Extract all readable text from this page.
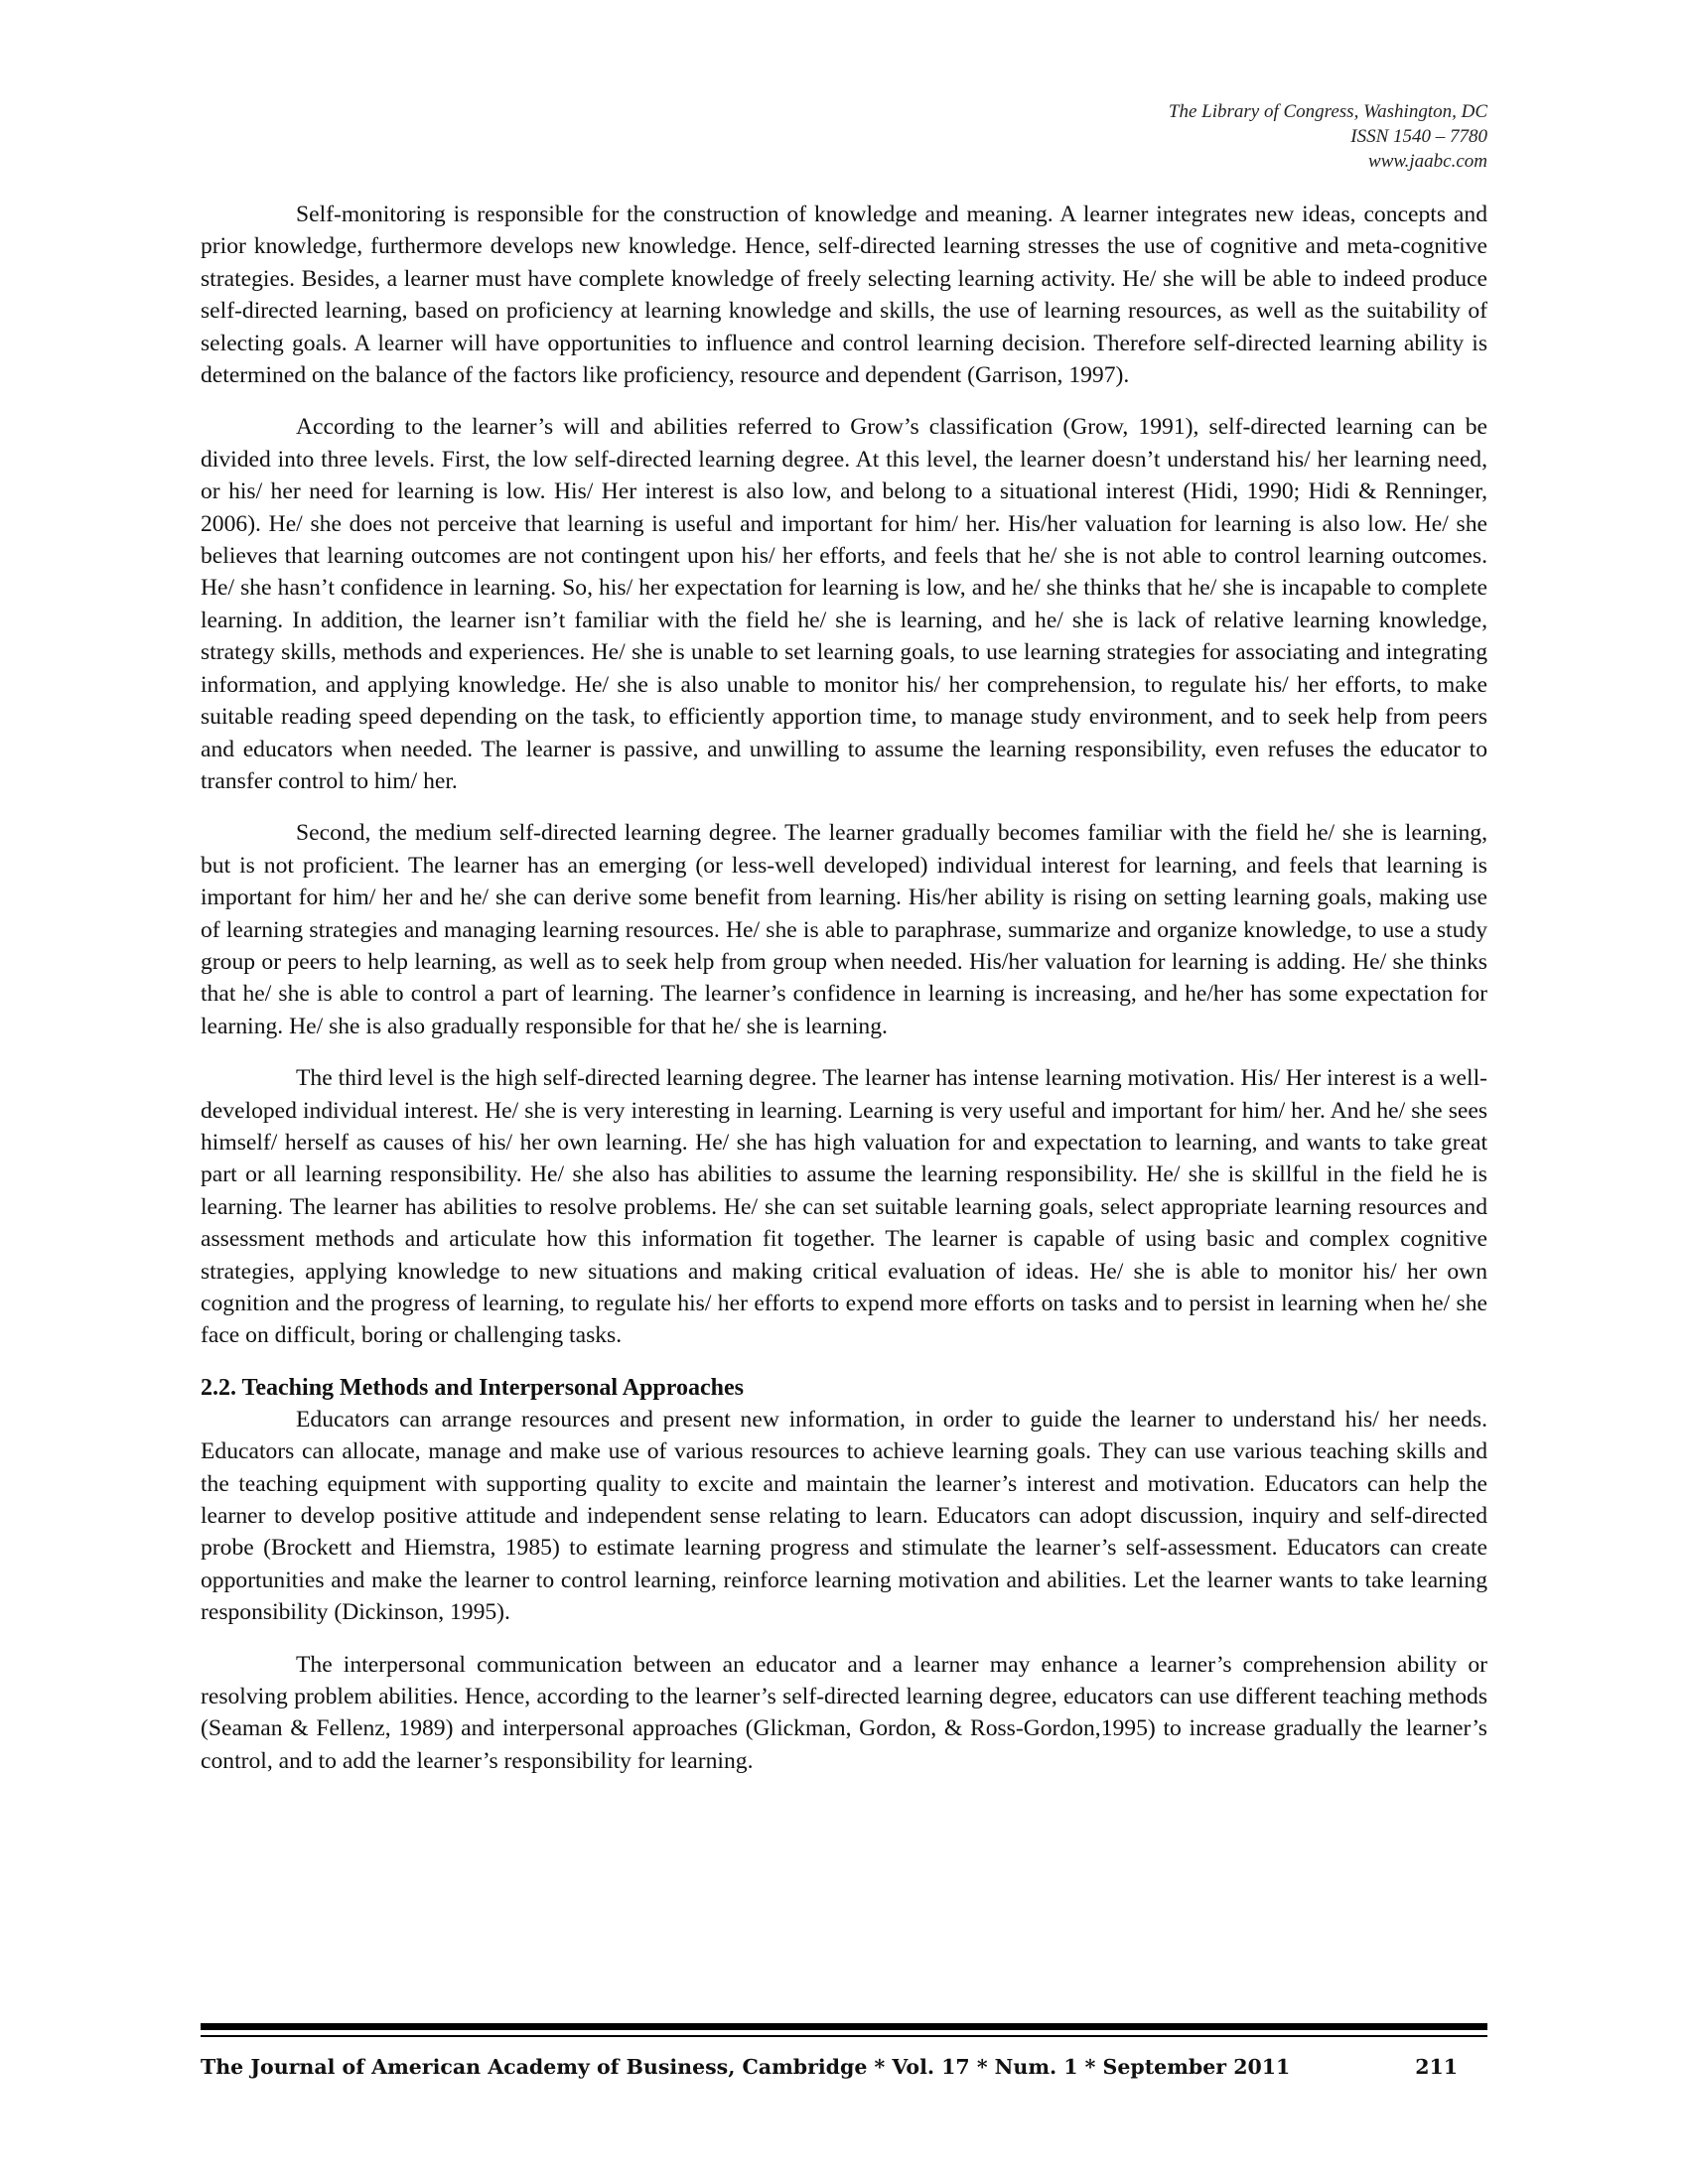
The Library of Congress, Washington, DC
ISSN 1540 – 7780
www.jaabc.com

Self-monitoring is responsible for the construction of knowledge and meaning. A learner integrates new ideas, concepts and prior knowledge, furthermore develops new knowledge. Hence, self-directed learning stresses the use of cognitive and meta-cognitive strategies. Besides, a learner must have complete knowledge of freely selecting learning activity. He/ she will be able to indeed produce self-directed learning, based on proficiency at learning knowledge and skills, the use of learning resources, as well as the suitability of selecting goals. A learner will have opportunities to influence and control learning decision. Therefore self-directed learning ability is determined on the balance of the factors like proficiency, resource and dependent (Garrison, 1997).

According to the learner’s will and abilities referred to Grow’s classification (Grow, 1991), self-directed learning can be divided into three levels. First, the low self-directed learning degree. At this level, the learner doesn’t understand his/ her learning need, or his/ her need for learning is low. His/ Her interest is also low, and belong to a situational interest (Hidi, 1990; Hidi & Renninger, 2006). He/ she does not perceive that learning is useful and important for him/ her. His/her valuation for learning is also low. He/ she believes that learning outcomes are not contingent upon his/ her efforts, and feels that he/ she is not able to control learning outcomes. He/ she hasn’t confidence in learning. So, his/ her expectation for learning is low, and he/ she thinks that he/ she is incapable to complete learning. In addition, the learner isn’t familiar with the field he/ she is learning, and he/ she is lack of relative learning knowledge, strategy skills, methods and experiences. He/ she is unable to set learning goals, to use learning strategies for associating and integrating information, and applying knowledge. He/ she is also unable to monitor his/ her comprehension, to regulate his/ her efforts, to make suitable reading speed depending on the task, to efficiently apportion time, to manage study environment, and to seek help from peers and educators when needed. The learner is passive, and unwilling to assume the learning responsibility, even refuses the educator to transfer control to him/ her.

Second, the medium self-directed learning degree. The learner gradually becomes familiar with the field he/ she is learning, but is not proficient. The learner has an emerging (or less-well developed) individual interest for learning, and feels that learning is important for him/ her and he/ she can derive some benefit from learning. His/her ability is rising on setting learning goals, making use of learning strategies and managing learning resources. He/ she is able to paraphrase, summarize and organize knowledge, to use a study group or peers to help learning, as well as to seek help from group when needed. His/her valuation for learning is adding. He/ she thinks that he/ she is able to control a part of learning. The learner’s confidence in learning is increasing, and he/her has some expectation for learning. He/ she is also gradually responsible for that he/ she is learning.

The third level is the high self-directed learning degree. The learner has intense learning motivation. His/ Her interest is a well-developed individual interest. He/ she is very interesting in learning. Learning is very useful and important for him/ her. And he/ she sees himself/ herself as causes of his/ her own learning. He/ she has high valuation for and expectation to learning, and wants to take great part or all learning responsibility. He/ she also has abilities to assume the learning responsibility. He/ she is skillful in the field he is learning. The learner has abilities to resolve problems. He/ she can set suitable learning goals, select appropriate learning resources and assessment methods and articulate how this information fit together. The learner is capable of using basic and complex cognitive strategies, applying knowledge to new situations and making critical evaluation of ideas. He/ she is able to monitor his/ her own cognition and the progress of learning, to regulate his/ her efforts to expend more efforts on tasks and to persist in learning when he/ she face on difficult, boring or challenging tasks.

2.2. Teaching Methods and Interpersonal Approaches

Educators can arrange resources and present new information, in order to guide the learner to understand his/ her needs. Educators can allocate, manage and make use of various resources to achieve learning goals. They can use various teaching skills and the teaching equipment with supporting quality to excite and maintain the learner’s interest and motivation. Educators can help the learner to develop positive attitude and independent sense relating to learn. Educators can adopt discussion, inquiry and self-directed probe (Brockett and Hiemstra, 1985) to estimate learning progress and stimulate the learner’s self-assessment. Educators can create opportunities and make the learner to control learning, reinforce learning motivation and abilities. Let the learner wants to take learning responsibility (Dickinson, 1995).

The interpersonal communication between an educator and a learner may enhance a learner’s comprehension ability or resolving problem abilities. Hence, according to the learner’s self-directed learning degree, educators can use different teaching methods (Seaman & Fellenz, 1989) and interpersonal approaches (Glickman, Gordon, & Ross-Gordon,1995) to increase gradually the learner’s control, and to add the learner’s responsibility for learning.

The Journal of American Academy of Business, Cambridge * Vol. 17 * Num. 1 * September 2011	211
